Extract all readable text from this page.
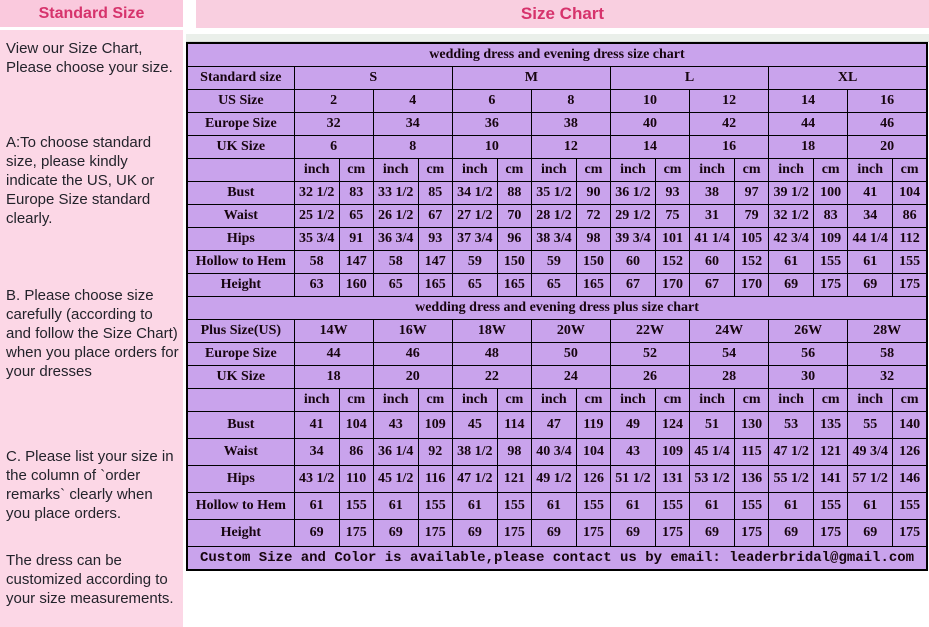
Standard Size

View our Size Chart, Please choose your size.

A:To choose standard size, please kindly indicate the US, UK or Europe Size standard clearly.

B. Please choose size carefully (according to and follow the Size Chart) when you place orders for your dresses

C. Please list your size in the column of `order remarks` clearly when you place orders.

The dress can be customized according to your size measurements.

Size Chart
wedding dress and evening dress size chart																
Standard size	S				M				L				XL			
US Size	2		4		6		8		10		12		14		16	
Europe Size	32		34		36		38		40		42		44		46	
UK Size	6		8		10		12		14		16		18		20	
	inch	cm	inch	cm	inch	cm	inch	cm	inch	cm	inch	cm	inch	cm	inch	cm
Bust	32 1/2	83	33 1/2	85	34 1/2	88	35 1/2	90	36 1/2	93	38	97	39 1/2	100	41	104
Waist	25 1/2	65	26 1/2	67	27 1/2	70	28 1/2	72	29 1/2	75	31	79	32 1/2	83	34	86
Hips	35 3/4	91	36 3/4	93	37 3/4	96	38 3/4	98	39 3/4	101	41 1/4	105	42 3/4	109	44 1/4	112
Hollow to Hem	58	147	58	147	59	150	59	150	60	152	60	152	61	155	61	155
Height	63	160	65	165	65	165	65	165	67	170	67	170	69	175	69	175
wedding dress and evening dress plus size chart																
Plus Size(US)	14W		16W		18W		20W		22W		24W		26W		28W	
Europe Size	44		46		48		50		52		54		56		58	
UK Size	18		20		22		24		26		28		30		32	
	inch	cm	inch	cm	inch	cm	inch	cm	inch	cm	inch	cm	inch	cm	inch	cm
Bust	41	104	43	109	45	114	47	119	49	124	51	130	53	135	55	140
Waist	34	86	36 1/4	92	38 1/2	98	40 3/4	104	43	109	45 1/4	115	47 1/2	121	49 3/4	126
Hips	43 1/2	110	45 1/2	116	47 1/2	121	49 1/2	126	51 1/2	131	53 1/2	136	55 1/2	141	57 1/2	146
Hollow to Hem	61	155	61	155	61	155	61	155	61	155	61	155	61	155	61	155
Height	69	175	69	175	69	175	69	175	69	175	69	175	69	175	69	175
Custom Size and Color is available,please contact us by email: leaderbridal@gmail.com																
